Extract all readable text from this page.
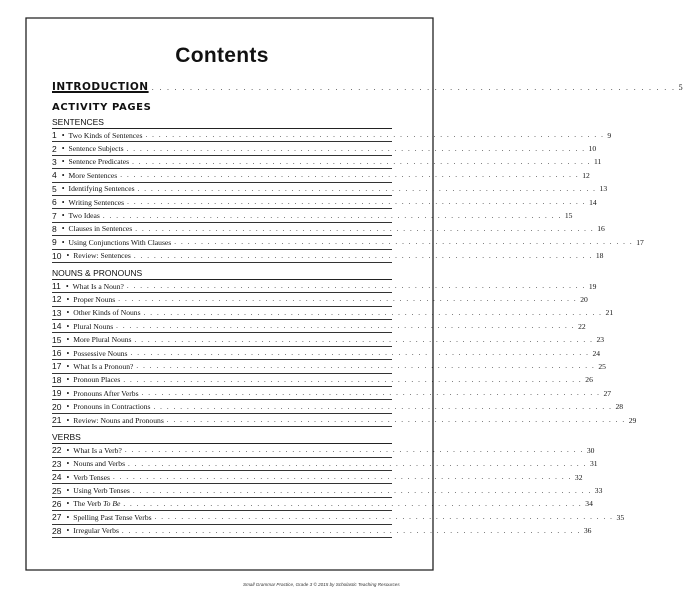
Contents
INTRODUCTION . . . . . . . . . . . . . . . . . . . . . . . . . . . . . . . . . . . . . . . . . . . . . . . . . . . . . . . . . . . . . . . . . . . . . 5
ACTIVITY PAGES
SENTENCES
1 • Two Kinds of Sentences . . . . . . . . . . . . . . . . . . . . . . . . . . . . . . . . . . . . . . . . . . . . . . . . . . . . . . . . . . . . . . . . . . . . . 9
2 • Sentence Subjects . . . . . . . . . . . . . . . . . . . . . . . . . . . . . . . . . . . . . . . . . . . . . . . . . . . . . . . . . . . . . . . . . . . . . 10
3 • Sentence Predicates . . . . . . . . . . . . . . . . . . . . . . . . . . . . . . . . . . . . . . . . . . . . . . . . . . . . . . . . . . . . . . . . . . . . . 11
4 • More Sentences . . . . . . . . . . . . . . . . . . . . . . . . . . . . . . . . . . . . . . . . . . . . . . . . . . . . . . . . . . . . . . . . . . . . . 12
5 • Identifying Sentences . . . . . . . . . . . . . . . . . . . . . . . . . . . . . . . . . . . . . . . . . . . . . . . . . . . . . . . . . . . . . . . . . . . . . 13
6 • Writing Sentences . . . . . . . . . . . . . . . . . . . . . . . . . . . . . . . . . . . . . . . . . . . . . . . . . . . . . . . . . . . . . . . . . . . . . 14
7 • Two Ideas . . . . . . . . . . . . . . . . . . . . . . . . . . . . . . . . . . . . . . . . . . . . . . . . . . . . . . . . . . . . . . . . . . . . . 15
8 • Clauses in Sentences . . . . . . . . . . . . . . . . . . . . . . . . . . . . . . . . . . . . . . . . . . . . . . . . . . . . . . . . . . . . . . . . . . . . . 16
9 • Using Conjunctions With Clauses . . . . . . . . . . . . . . . . . . . . . . . . . . . . . . . . . . . . . . . . . . . . . . . . . . . . . . . . . . . . . . . . . . . . . 17
10 • Review: Sentences . . . . . . . . . . . . . . . . . . . . . . . . . . . . . . . . . . . . . . . . . . . . . . . . . . . . . . . . . . . . . . . . . . . . . 18
NOUNS & PRONOUNS
11 • What Is a Noun? . . . . . . . . . . . . . . . . . . . . . . . . . . . . . . . . . . . . . . . . . . . . . . . . . . . . . . . . . . . . . . . . . . . . . 19
12 • Proper Nouns . . . . . . . . . . . . . . . . . . . . . . . . . . . . . . . . . . . . . . . . . . . . . . . . . . . . . . . . . . . . . . . . . . . . . 20
13 • Other Kinds of Nouns . . . . . . . . . . . . . . . . . . . . . . . . . . . . . . . . . . . . . . . . . . . . . . . . . . . . . . . . . . . . . . . . . . . . . 21
14 • Plural Nouns . . . . . . . . . . . . . . . . . . . . . . . . . . . . . . . . . . . . . . . . . . . . . . . . . . . . . . . . . . . . . . . . . . . . . 22
15 • More Plural Nouns . . . . . . . . . . . . . . . . . . . . . . . . . . . . . . . . . . . . . . . . . . . . . . . . . . . . . . . . . . . . . . . . . . . . . 23
16 • Possessive Nouns . . . . . . . . . . . . . . . . . . . . . . . . . . . . . . . . . . . . . . . . . . . . . . . . . . . . . . . . . . . . . . . . . . . . . 24
17 • What Is a Pronoun? . . . . . . . . . . . . . . . . . . . . . . . . . . . . . . . . . . . . . . . . . . . . . . . . . . . . . . . . . . . . . . . . . . . . . 25
18 • Pronoun Places . . . . . . . . . . . . . . . . . . . . . . . . . . . . . . . . . . . . . . . . . . . . . . . . . . . . . . . . . . . . . . . . . . . . . 26
19 • Pronouns After Verbs . . . . . . . . . . . . . . . . . . . . . . . . . . . . . . . . . . . . . . . . . . . . . . . . . . . . . . . . . . . . . . . . . . . . . 27
20 • Pronouns in Contractions . . . . . . . . . . . . . . . . . . . . . . . . . . . . . . . . . . . . . . . . . . . . . . . . . . . . . . . . . . . . . . . . . . . . . 28
21 • Review: Nouns and Pronouns . . . . . . . . . . . . . . . . . . . . . . . . . . . . . . . . . . . . . . . . . . . . . . . . . . . . . . . . . . . . . . . . . . . . . 29
VERBS
22 • What Is a Verb? . . . . . . . . . . . . . . . . . . . . . . . . . . . . . . . . . . . . . . . . . . . . . . . . . . . . . . . . . . . . . . . . . . . . . 30
23 • Nouns and Verbs . . . . . . . . . . . . . . . . . . . . . . . . . . . . . . . . . . . . . . . . . . . . . . . . . . . . . . . . . . . . . . . . . . . . . 31
24 • Verb Tenses . . . . . . . . . . . . . . . . . . . . . . . . . . . . . . . . . . . . . . . . . . . . . . . . . . . . . . . . . . . . . . . . . . . . . 32
25 • Using Verb Tenses . . . . . . . . . . . . . . . . . . . . . . . . . . . . . . . . . . . . . . . . . . . . . . . . . . . . . . . . . . . . . . . . . . . . . 33
26 • The Verb To Be . . . . . . . . . . . . . . . . . . . . . . . . . . . . . . . . . . . . . . . . . . . . . . . . . . . . . . . . . . . . . . . . . . . . . 34
27 • Spelling Past Tense Verbs . . . . . . . . . . . . . . . . . . . . . . . . . . . . . . . . . . . . . . . . . . . . . . . . . . . . . . . . . . . . . . . . . . . . . 35
28 • Irregular Verbs . . . . . . . . . . . . . . . . . . . . . . . . . . . . . . . . . . . . . . . . . . . . . . . . . . . . . . . . . . . . . . . . . . . . . 36
Small Grammar Practice, Grade 3 © 2015 by Scholastic Teaching Resources
